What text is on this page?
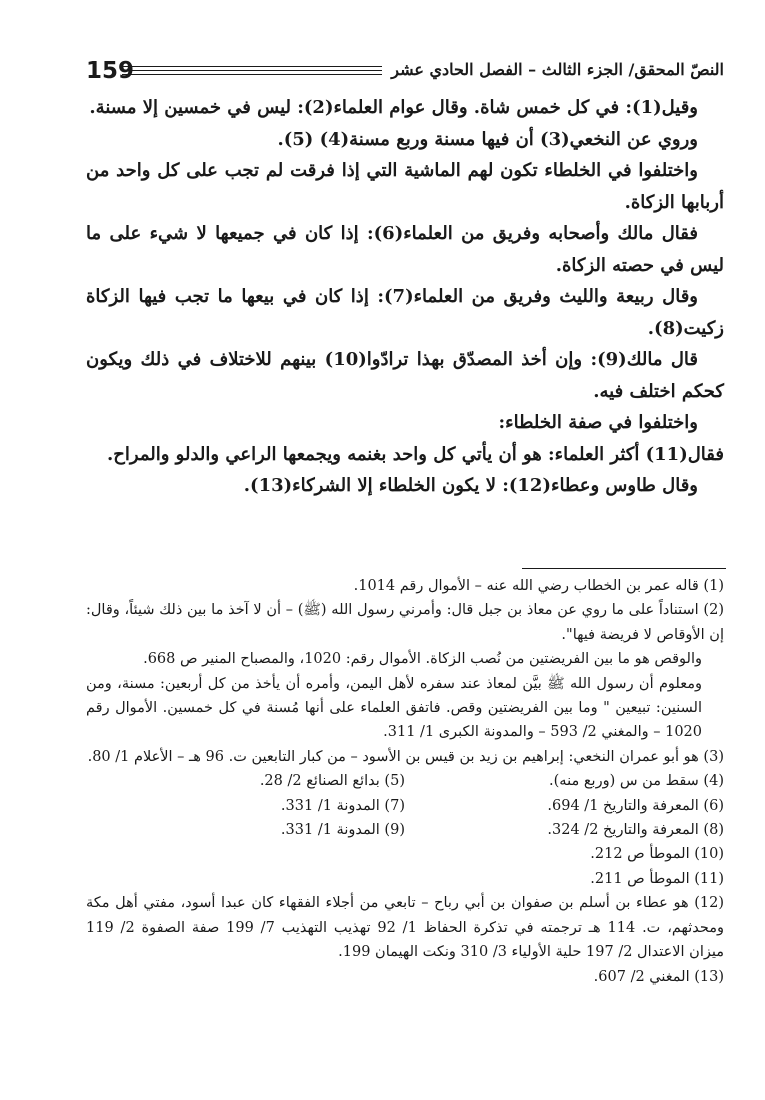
159	النصّ المحقق/ الجزء الثالث – الفصل الحادي عشر

وقيل(1): في كل خمس شاة. وقال عوام العلماء(2): ليس في خمسين إلا مسنة.

وروي عن النخعي(3) أن فيها مسنة وربع مسنة(4) (5).

واختلفوا في الخلطاء تكون لهم الماشية التي إذا فرقت لم تجب على كل واحد من أربابها الزكاة.

فقال مالك وأصحابه وفريق من العلماء(6): إذا كان في جميعها لا شيء على ما ليس في حصته الزكاة.

وقال ربيعة والليث وفريق من العلماء(7): إذا كان في بيعها ما تجب فيها الزكاة زكيت(8).

قال مالك(9): وإن أخذ المصدّق بهذا ترادّوا(10) بينهم للاختلاف في ذلك ويكون كحكم اختلف فيه.

واختلفوا في صفة الخلطاء:

فقال(11) أكثر العلماء: هو أن يأتي كل واحد بغنمه ويجمعها الراعي والدلو والمراح.

وقال طاوس وعطاء(12): لا يكون الخلطاء إلا الشركاء(13).

(1) قاله عمر بن الخطاب رضي الله عنه – الأموال رقم 1014.

(2) استناداً على ما روي عن معاذ بن جبل قال: وأمرني رسول الله (ﷺ) – أن لا آخذ ما بين ذلك شيئاً، وقال: إن الأوقاص لا فريضة فيها".

والوقص هو ما بين الفريضتين من نُصب الزكاة. الأموال رقم: 1020، والمصباح المنير ص 668.

ومعلوم أن رسول الله ﷺ بيَّن لمعاذ عند سفره لأهل اليمن، وأمره أن يأخذ من كل أربعين: مسنة، ومن السنين: تبيعين " وما بين الفريضتين وقص. فاتفق العلماء على أنها مُسنة في كل خمسين. الأموال رقم 1020 – والمغني 2/ 593 – والمدونة الكبرى 1/ 311.

(3) هو أبو عمران النخعي: إبراهيم بن زيد بن قيس بن الأسود – من كبار التابعين ت. 96 هـ – الأعلام 1/ 80.

(4) سقط من س (وربع منه).

(5) بدائع الصنائع 2/ 28.

(6) المعرفة والتاريخ 1/ 694.

(7) المدونة 1/ 331.

(8) المعرفة والتاريخ 2/ 324.

(9) المدونة 1/ 331.

(10) الموطأ ص 212.

(11) الموطأ ص 211.

(12) هو عطاء بن أسلم بن صفوان بن أبي رباح – تابعي من أجلاء الفقهاء كان عبدا أسود، مفتي أهل مكة ومحدثهم، ت. 114 هـ ترجمته في تذكرة الحفاظ 1/ 92 تهذيب التهذيب 7/ 199 صفة الصفوة 2/ 119 ميزان الاعتدال 2/ 197 حلية الأولياء 3/ 310 ونكت الهيمان 199.

(13) المغني 2/ 607.
